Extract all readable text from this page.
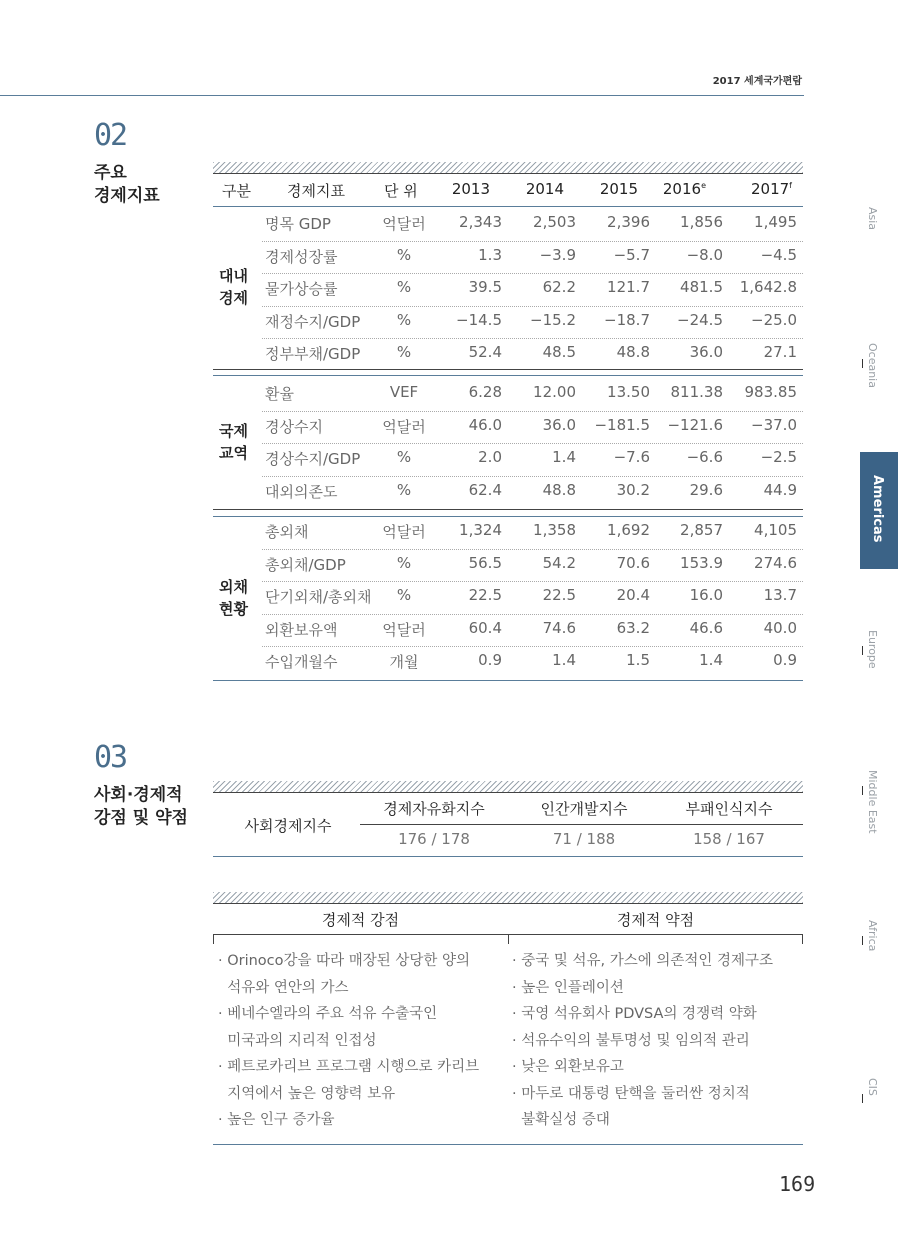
2017 세계국가편람
02
주요
경제지표	구분 경제지표	단 위	2013	2014	2015	2016e	2017$^f$
대내
경제
국제
교역
외채
현황
명목 GDP	억달러	2,343	2,503	2,396	1,856	1,495
경제성장률	%	1.3	−3.9	−5.7	−8.0	−4.5
물가상승률	%	39.5	62.2	121.7	481.5	1,642.8
재정수지/GDP	%	−14.5	−15.2	−18.7	−24.5	−25.0
정부부채/GDP	%	52.4	48.5	48.8	36.0	27.1
환율	VEF	6.28	12.00	13.50	811.38	983.85
경상수지	억달러	46.0	36.0	−181.5	−121.6	−37.0
경상수지/GDP	%	2.0	1.4	−7.6	−6.6	−2.5
대외의존도	%	62.4	48.8	30.2	29.6	44.9
총외채	억달러	1,324	1,358	1,692	2,857	4,105
총외채/GDP	%	56.5	54.2	70.6	153.9	274.6
단기외채/총외채	%	22.5	22.5	20.4	16.0	13.7
외환보유액	억달러	60.4	74.6	63.2	46.6	40.0
수입개월수	개월	0.9	1.4	1.5	1.4	0.9
03
사회·경제적
강점 및 약점	사회경제지수
경제자유화지수	인간개발지수	부패인식지수
176 / 178	71 / 188	158 / 167
경제적 강점	경제적 약점
· Orinoco강을 따라 매장된 상당한 양의
석유와 연안의 가스
· 베네수엘라의 주요 석유 수출국인
미국과의 지리적 인접성
· 페트로카리브 프로그램 시행으로 카리브
지역에서 높은 영향력 보유
· 높은 인구 증가율
· 중국 및 석유, 가스에 의존적인 경제구조
· 높은 인플레이션
· 국영 석유회사 PDVSA의 경쟁력 약화
· 석유수익의 불투명성 및 임의적 관리
· 낮은 외환보유고
· 마두로 대통령 탄핵을 둘러싼 정치적
불확실성 증대
Asia
Oceania
Europe
Middle East
Africa
CIS
Americas
169
